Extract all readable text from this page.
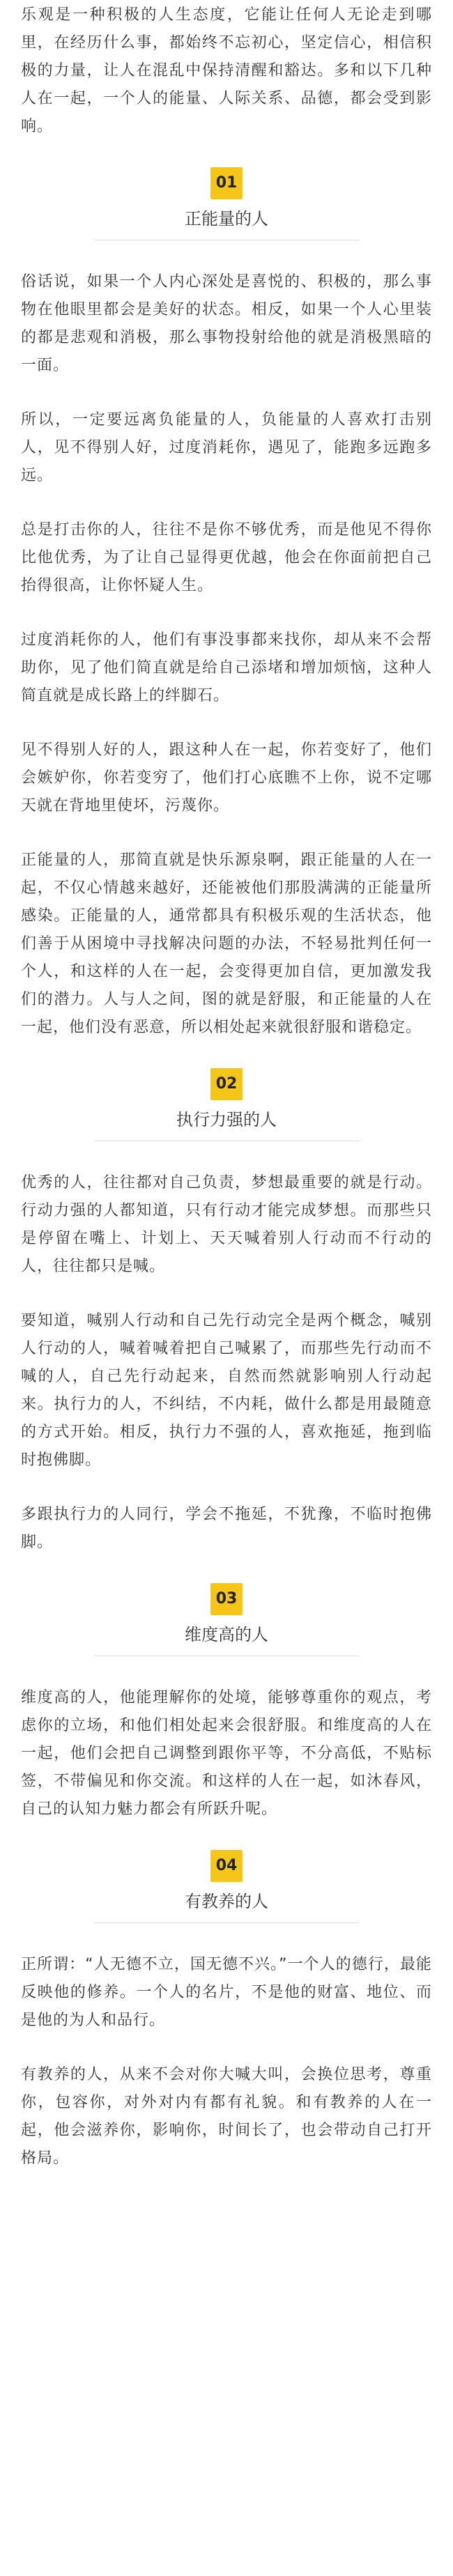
乐观是一种积极的人生态度，它能让任何人无论走到哪里，在经历什么事，都始终不忘初心，坚定信心，相信积极的力量，让人在混乱中保持清醒和豁达。多和以下几种人在一起，一个人的能量、人际关系、品德，都会受到影响。

01
正能量的人

俗话说，如果一个人内心深处是喜悦的、积极的，那么事物在他眼里都会是美好的状态。相反，如果一个人心里装的都是悲观和消极，那么事物投射给他的就是消极黑暗的一面。

所以，一定要远离负能量的人，负能量的人喜欢打击别人，见不得别人好，过度消耗你，遇见了，能跑多远跑多远。

总是打击你的人，往往不是你不够优秀，而是他见不得你比他优秀，为了让自己显得更优越，他会在你面前把自己抬得很高，让你怀疑人生。

过度消耗你的人，他们有事没事都来找你，却从来不会帮助你，见了他们简直就是给自己添堵和增加烦恼，这种人简直就是成长路上的绊脚石。

见不得别人好的人，跟这种人在一起，你若变好了，他们会嫉妒你，你若变穷了，他们打心底瞧不上你，说不定哪天就在背地里使坏，污蔑你。

正能量的人，那简直就是快乐源泉啊，跟正能量的人在一起，不仅心情越来越好，还能被他们那股满满的正能量所感染。正能量的人，通常都具有积极乐观的生活状态，他们善于从困境中寻找解决问题的办法，不轻易批判任何一个人，和这样的人在一起，会变得更加自信，更加激发我们的潜力。人与人之间，图的就是舒服，和正能量的人在一起，他们没有恶意，所以相处起来就很舒服和谐稳定。

02
执行力强的人

优秀的人，往往都对自己负责，梦想最重要的就是行动。行动力强的人都知道，只有行动才能完成梦想。而那些只是停留在嘴上、计划上、天天喊着别人行动而不行动的人，往往都只是喊。

要知道，喊别人行动和自己先行动完全是两个概念，喊别人行动的人，喊着喊着把自己喊累了，而那些先行动而不喊的人，自己先行动起来，自然而然就影响别人行动起来。执行力的人，不纠结，不内耗，做什么都是用最随意的方式开始。相反，执行力不强的人，喜欢拖延，拖到临时抱佛脚。

多跟执行力的人同行，学会不拖延，不犹豫，不临时抱佛脚。

03
维度高的人

维度高的人，他能理解你的处境，能够尊重你的观点，考虑你的立场，和他们相处起来会很舒服。和维度高的人在一起，他们会把自己调整到跟你平等，不分高低，不贴标签，不带偏见和你交流。和这样的人在一起，如沐春风，自己的认知力魅力都会有所跃升呢。

04
有教养的人

正所谓：“人无德不立，国无德不兴。”一个人的德行，最能反映他的修养。一个人的名片，不是他的财富、地位、而是他的为人和品行。

有教养的人，从来不会对你大喊大叫，会换位思考，尊重你，包容你，对外对内有都有礼貌。和有教养的人在一起，他会滋养你，影响你，时间长了，也会带动自己打开格局。
